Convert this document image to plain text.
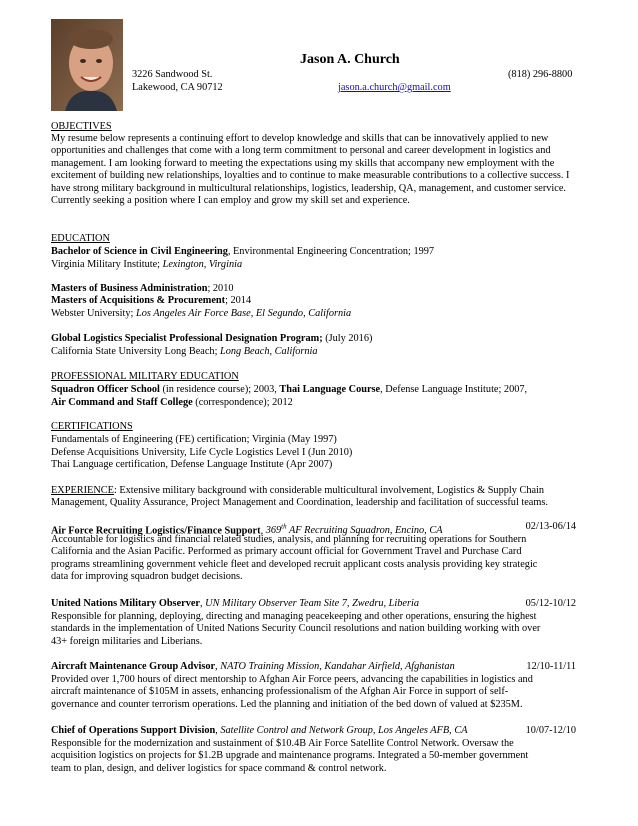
Jason A. Church
3226 Sandwood St.
Lakewood, CA 90712
(818) 296-8800
jason.a.church@gmail.com
OBJECTIVES
My resume below represents a continuing effort to develop knowledge and skills that can be innovatively applied to new opportunities and challenges that come with a long term commitment to personal and career development in logistics and management. I am looking forward to meeting the expectations using my skills that accompany new employment with the excitement of building new relationships, loyalties and to continue to make measurable contributions to a collective success. I have strong military background in multicultural relationships, logistics, leadership, QA, management, and customer service. Currently seeking a position where I can employ and grow my skill set and experience.
EDUCATION
Bachelor of Science in Civil Engineering, Environmental Engineering Concentration; 1997
Virginia Military Institute; Lexington, Virginia
Masters of Business Administration; 2010
Masters of Acquisitions & Procurement; 2014
Webster University; Los Angeles Air Force Base, El Segundo, California
Global Logistics Specialist Professional Designation Program; (July 2016)
California State University Long Beach; Long Beach, California
PROFESSIONAL MILITARY EDUCATION
Squadron Officer School (in residence course); 2003, Thai Language Course, Defense Language Institute; 2007,
Air Command and Staff College (correspondence); 2012
CERTIFICATIONS
Fundamentals of Engineering (FE) certification; Virginia (May 1997)
Defense Acquisitions University, Life Cycle Logistics Level I (Jun 2010)
Thai Language certification, Defense Language Institute (Apr 2007)
EXPERIENCE: Extensive military background with considerable multicultural involvement, Logistics & Supply Chain
Management, Quality Assurance, Project Management and Coordination, leadership and facilitation of successful teams.
Air Force Recruiting Logistics/Finance Support, 369th AF Recruiting Squadron, Encino, CA	02/13-06/14
Accountable for logistics and financial related studies, analysis, and planning for recruiting operations for Southern
California and the Asian Pacific. Performed as primary account official for Government Travel and Purchase Card
programs streamlining government vehicle fleet and developed recruit applicant costs analysis providing key strategic
data for improving squadron budget decisions.
United Nations Military Observer, UN Military Observer Team Site 7, Zwedru, Liberia	05/12-10/12
Responsible for planning, deploying, directing and managing peacekeeping and other operations, ensuring the highest
standards in the implementation of United Nations Security Council resolutions and nation building working with over
43+ foreign militaries and Liberians.
Aircraft Maintenance Group Advisor, NATO Training Mission, Kandahar Airfield, Afghanistan	12/10-11/11
Provided over 1,700 hours of direct mentorship to Afghan Air Force peers, advancing the capabilities in logistics and
aircraft maintenance of $105M in assets, enhancing professionalism of the Afghan Air Force in support of self-
governance and counter terrorism operations. Led the planning and initiation of the bed down of valued at $235M.
Chief of Operations Support Division, Satellite Control and Network Group, Los Angeles AFB, CA	10/07-12/10
Responsible for the modernization and sustainment of $10.4B Air Force Satellite Control Network. Oversaw the
acquisition logistics on projects for $1.2B upgrade and maintenance programs. Integrated a 50-member government
team to plan, design, and deliver logistics for space command & control network.
